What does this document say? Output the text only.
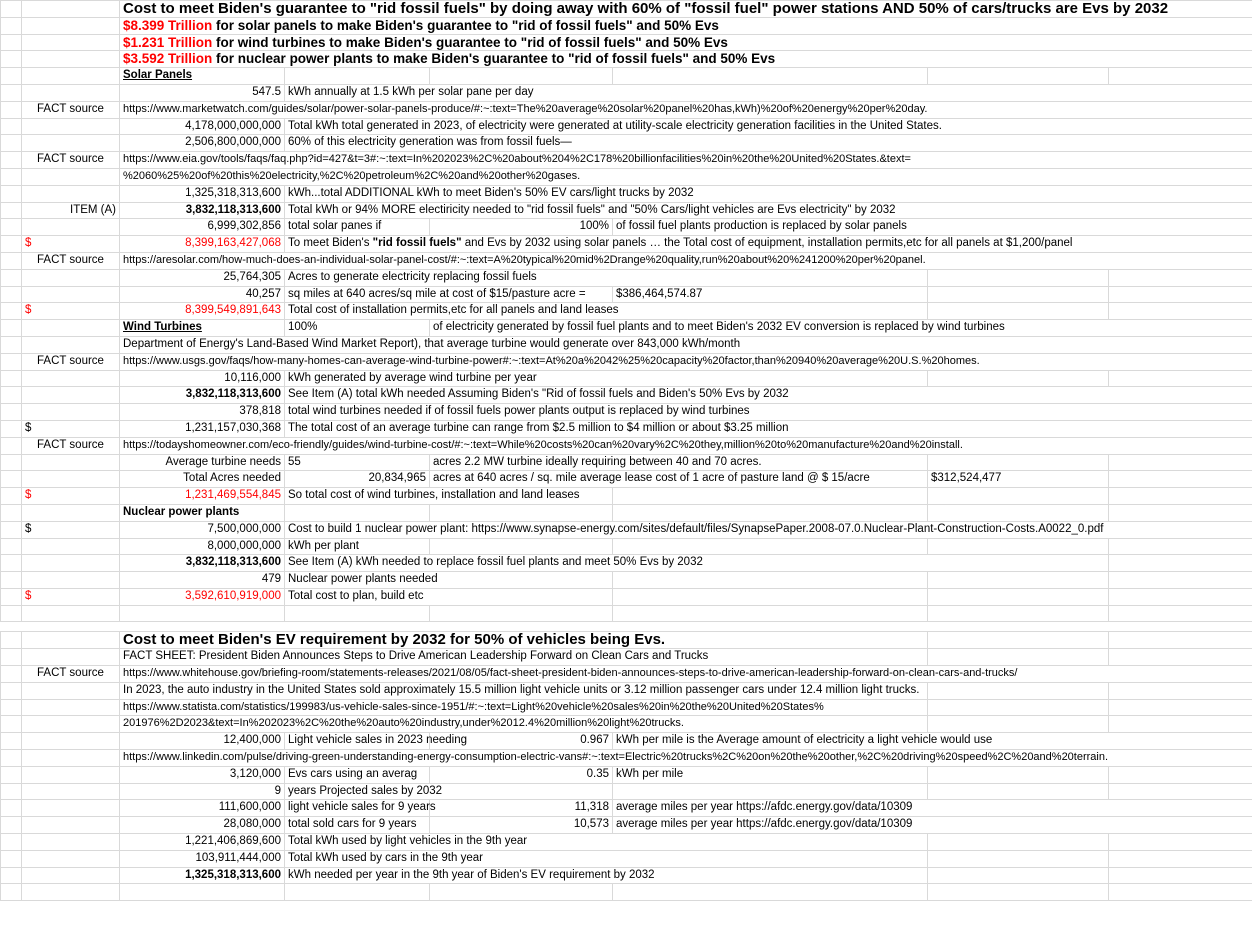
		Cost to meet Biden's guarantee to "rid fossil fuels" by doing away with 60% of "fossil fuel" power stations AND 50% of cars/trucks are Evs by 2032					

		$8.399 Trillion for solar panels to make Biden's guarantee to "rid of fossil fuels" and 50% Evs					

		$1.231 Trillion for wind turbines to make Biden's guarantee to "rid of fossil fuels" and 50% Evs					

		$3.592 Trillion for nuclear power plants to make Biden's guarantee to "rid of fossil fuels" and 50% Evs					

		Solar Panels					
		547.5	kWh annually at 1.5 kWh per solar pane per day				

	FACT source	https://www.marketwatch.com/guides/solar/power-solar-panels-produce/#:~:text=The%20average%20solar%20panel%20has,kWh)%20of%20energy%20per%20day.					

		4,178,000,000,000	Total kWh total generated in 2023, of electricity were generated at utility-scale electricity generation facilities in the United States.				

		2,506,800,000,000	60% of this electricity generation was from fossil fuels—				

	FACT source	https://www.eia.gov/tools/faqs/faq.php?id=427&t=3#:~:text=In%202023%2C%20about%204%2C178%20billionfacilities%20in%20the%20United%20States.&text=					

		%2060%25%20of%20this%20electricity,%2C%20petroleum%2C%20and%20other%20gases.					

		1,325,318,313,600	kWh...total ADDITIONAL kWh to meet Biden's 50% EV cars/light trucks by 2032				

	ITEM (A)	3,832,118,313,600	Total kWh or 94% MORE electiricity needed to "rid fossil fuels" and "50% Cars/light vehicles are Evs electricity" by 2032				

		6,999,302,856	total solar panes if	100%	of fossil fuel plants production is replaced by solar panels		

	$	8,399,163,427,068	To meet Biden's "rid fossil fuels" and Evs by 2032 using solar panels … the Total cost of equipment, installation permits,etc for all panels at $1,200/panel				

	FACT source	https://aresolar.com/how-much-does-an-individual-solar-panel-cost/#:~:text=A%20typical%20mid%2Drange%20quality,run%20about%20%241200%20per%20panel.					

		25,764,305	Acres to generate electricity replacing fossil fuels				

		40,257	sq miles at 640 acres/sq mile at cost of $15/pasture acre =		$386,464,574.87		
	$	8,399,549,891,643	Total cost of installation permits,etc for all panels and land leases				

		Wind Turbines	100%	of electricity generated by fossil fuel plants and to meet Biden's 2032 EV conversion is replaced by wind turbines			

		Department of Energy's Land-Based Wind Market Report), that average turbine would generate over 843,000 kWh/month					

	FACT source	https://www.usgs.gov/faqs/how-many-homes-can-average-wind-turbine-power#:~:text=At%20a%2042%25%20capacity%20factor,than%20940%20average%20U.S.%20homes.					

		10,116,000	kWh generated by average wind turbine per year				

		3,832,118,313,600	See Item (A) total kWh needed Assuming Biden's "Rid of fossil fuels and Biden's 50% Evs by 2032				

		378,818	total wind turbines needed if of fossil fuels power plants output is replaced by wind turbines				

	$	1,231,157,030,368	The total cost of an average turbine can range from $2.5 million to $4 million or about $3.25 million				

	FACT source	https://todayshomeowner.com/eco-friendly/guides/wind-turbine-cost/#:~:text=While%20costs%20can%20vary%2C%20they,million%20to%20manufacture%20and%20install.					

		Average turbine needs	55	acres 2.2 MW turbine ideally requiring between 40 and 70 acres.			

		Total Acres needed	20,834,965	acres at 640 acres / sq. mile average lease cost of 1 acre of pasture land @ $ 15/acre		$312,524,477	
	$	1,231,469,554,845	So total cost of wind turbines, installation and land leases				

		Nuclear power plants					
	$	7,500,000,000	Cost to build 1 nuclear power plant: https://www.synapse-energy.com/sites/default/files/SynapsePaper.2008-07.0.Nuclear-Plant-Construction-Costs.A0022_0.pdf				

		8,000,000,000	kWh per plant				
		3,832,118,313,600	See Item (A) kWh needed to replace fossil fuel plants and meet 50% Evs by 2032				

		479	Nuclear power plants needed				

	$	3,592,610,919,000	Total cost to plan, build etc				

		Cost to meet Biden's EV requirement by 2032 for 50% of vehicles being Evs.					

		FACT SHEET: President Biden Announces Steps to Drive American Leadership Forward on Clean Cars and Trucks					

	FACT source	https://www.whitehouse.gov/briefing-room/statements-releases/2021/08/05/fact-sheet-president-biden-announces-steps-to-drive-american-leadership-forward-on-clean-cars-and-trucks/					

		In 2023, the auto industry in the United States sold approximately 15.5 million light vehicle units or 3.12 million passenger cars under 12.4 million light trucks.					

		https://www.statista.com/statistics/199983/us-vehicle-sales-since-1951/#:~:text=Light%20vehicle%20sales%20in%20the%20United%20States%					

		201976%2D2023&text=In%202023%2C%20the%20auto%20industry,under%2012.4%20million%20light%20trucks.					

		12,400,000	Light vehicle sales in 2023 needing	0.967	kWh per mile is the Average amount of electricity a light vehicle would use		

		https://www.linkedin.com/pulse/driving-green-understanding-energy-consumption-electric-vans#:~:text=Electric%20trucks%2C%20on%20the%20other,%2C%20driving%20speed%2C%20and%20terrain.					

		3,120,000	Evs cars using an averag	0.35	kWh per mile		
		9	years Projected sales by 2032				

		111,600,000	light vehicle sales for 9 years	11,318	average miles per year https://afdc.energy.gov/data/10309		

		28,080,000	total sold cars for 9 years	10,573	average miles per year https://afdc.energy.gov/data/10309		

		1,221,406,869,600	Total kWh used by light vehicles in the 9th year				

		103,911,444,000	Total kWh used by cars in the 9th year				

		1,325,318,313,600	kWh needed per year in the 9th year of Biden's EV requirement by 2032				
